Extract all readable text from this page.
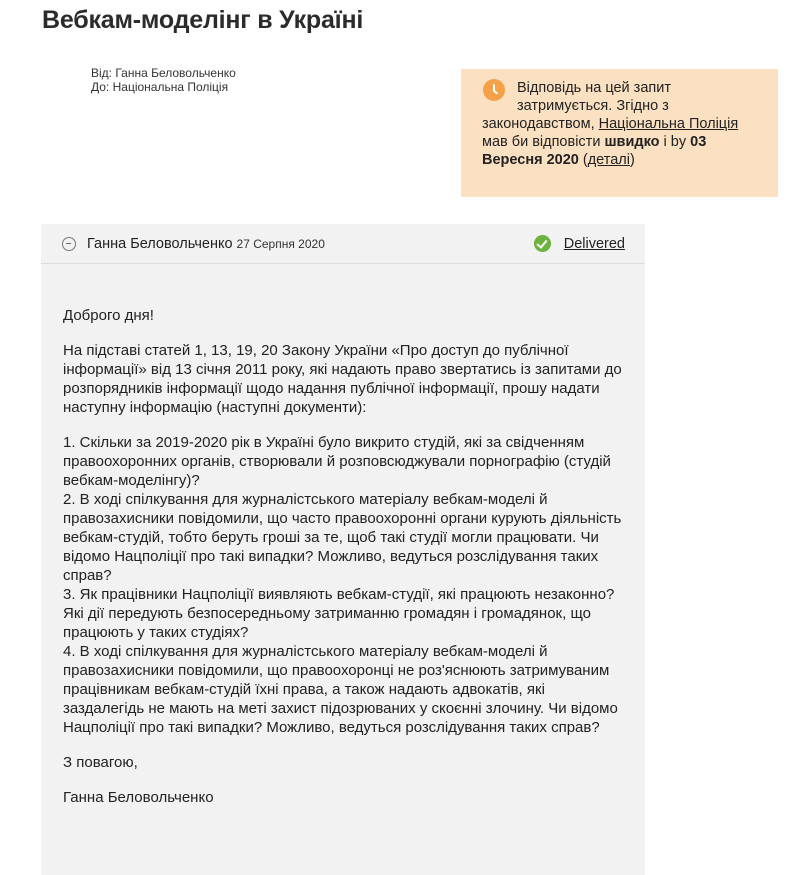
Вебкам-моделінг в Україні
Від: Ганна Беловольченко
До: Національна Поліція	Відповідь на цей запит затримується. Згідно з законодавством, Національна Поліція мав би відповісти швидко і by 03 Вересня 2020 (деталі)
Ганна Беловольченко 27 Серпня 2020	Delivered

Доброго дня!

На підставі статей 1, 13, 19, 20 Закону України «Про доступ до публічної інформації» від 13 січня 2011 року, які надають право звертатись із запитами до розпорядників інформації щодо надання публічної інформації, прошу надати наступну інформацію (наступні документи):

1. Скільки за 2019-2020 рік в Україні було викрито студій, які за свідченням правоохоронних органів, створювали й розповсюджували порнографію (студій вебкам-моделінгу)?
2. В ході спілкування для журналістського матеріалу вебкам-моделі й правозахисники повідомили, що часто правоохоронні органи курують діяльність вебкам-студій, тобто беруть гроші за те, щоб такі студії могли працювати. Чи відомо Нацполіції про такі випадки? Можливо, ведуться розслідування таких справ?
3. Як працівники Нацполіції виявляють вебкам-студії, які працюють незаконно? Які дії передують безпосередньому затриманню громадян і громадянок, що працюють у таких студіях?
4. В ході спілкування для журналістського матеріалу вебкам-моделі й правозахисники повідомили, що правоохоронці не роз'яснюють затримуваним працівникам вебкам-студій їхні права, а також надають адвокатів, які заздалегідь не мають на меті захист підозрюваних у скоєнні злочину. Чи відомо Нацполіції про такі випадки? Можливо, ведуться розслідування таких справ?

З повагою,

Ганна Беловольченко
